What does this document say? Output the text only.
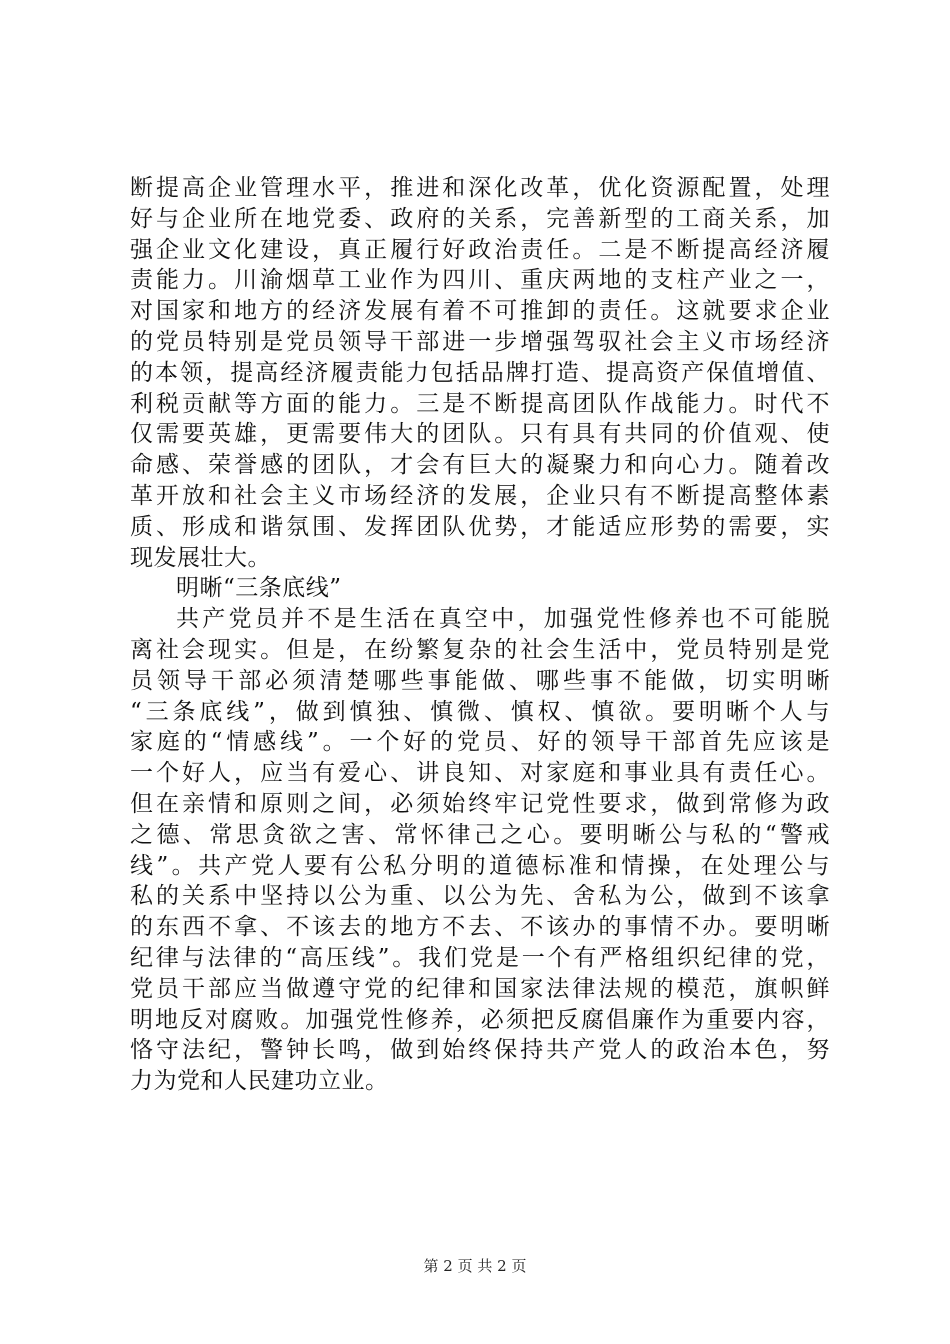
断提高企业管理水平，推进和深化改革，优化资源配置，处理
好与企业所在地党委、政府的关系，完善新型的工商关系，加
强企业文化建设，真正履行好政治责任。二是不断提高经济履
责能力。川渝烟草工业作为四川、重庆两地的支柱产业之一，
对国家和地方的经济发展有着不可推卸的责任。这就要求企业
的党员特别是党员领导干部进一步增强驾驭社会主义市场经济
的本领，提高经济履责能力包括品牌打造、提高资产保值增值、
利税贡献等方面的能力。三是不断提高团队作战能力。时代不
仅需要英雄，更需要伟大的团队。只有具有共同的价值观、使
命感、荣誉感的团队，才会有巨大的凝聚力和向心力。随着改
革开放和社会主义市场经济的发展，企业只有不断提高整体素
质、形成和谐氛围、发挥团队优势，才能适应形势的需要，实
现发展壮大。
明晰“三条底线”
共产党员并不是生活在真空中，加强党性修养也不可能脱
离社会现实。但是，在纷繁复杂的社会生活中，党员特别是党
员领导干部必须清楚哪些事能做、哪些事不能做，切实明晰
“三条底线”，做到慎独、慎微、慎权、慎欲。要明晰个人与
家庭的“情感线”。一个好的党员、好的领导干部首先应该是
一个好人，应当有爱心、讲良知、对家庭和事业具有责任心。
但在亲情和原则之间，必须始终牢记党性要求，做到常修为政
之德、常思贪欲之害、常怀律己之心。要明晰公与私的“警戒
线”。共产党人要有公私分明的道德标准和情操，在处理公与
私的关系中坚持以公为重、以公为先、舍私为公，做到不该拿
的东西不拿、不该去的地方不去、不该办的事情不办。要明晰
纪律与法律的“高压线”。我们党是一个有严格组织纪律的党，
党员干部应当做遵守党的纪律和国家法律法规的模范，旗帜鲜
明地反对腐败。加强党性修养，必须把反腐倡廉作为重要内容，
恪守法纪，警钟长鸣，做到始终保持共产党人的政治本色，努
力为党和人民建功立业。
第 2 页 共 2 页
